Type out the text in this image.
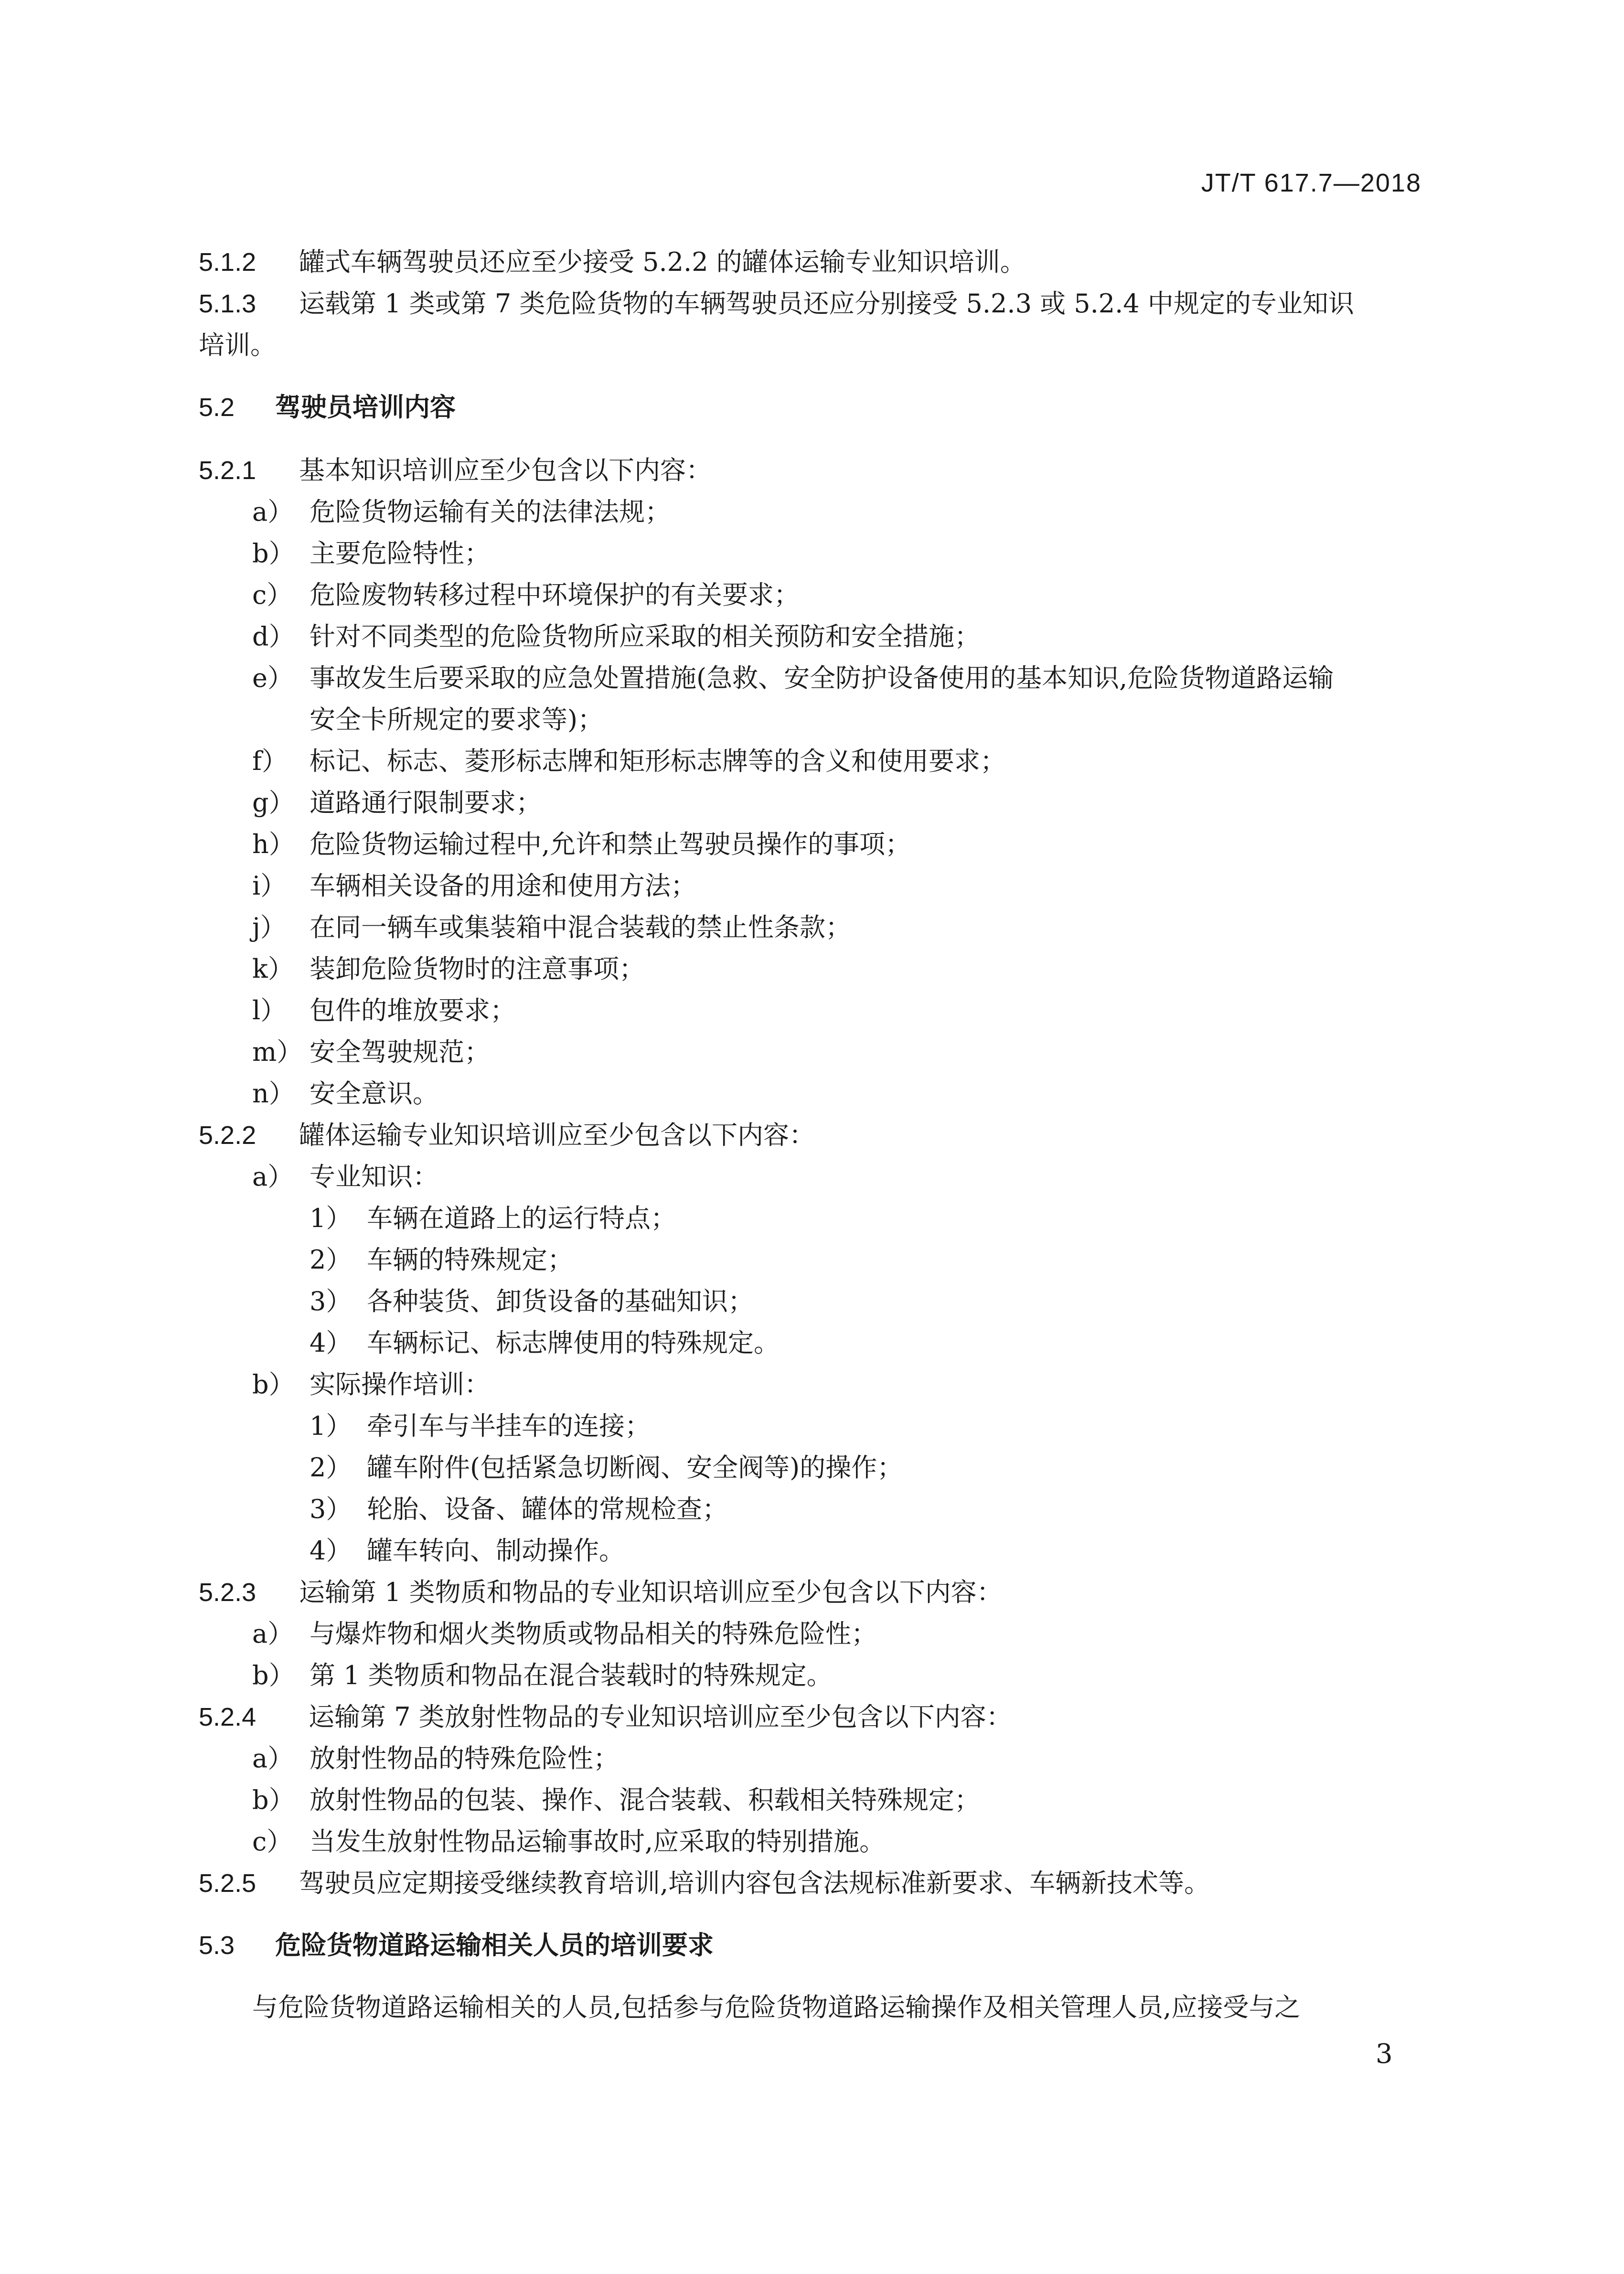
JT/T 617.7—2018
5.1.2 罐式车辆驾驶员还应至少接受 5.2.2 的罐体运输专业知识培训。
5.1.3 运载第 1 类或第 7 类危险货物的车辆驾驶员还应分别接受 5.2.3 或 5.2.4 中规定的专业知识
培训。
5.2 驾驶员培训内容
5.2.1 基本知识培训应至少包含以下内容：
a） 危险货物运输有关的法律法规；
b） 主要危险特性；
c） 危险废物转移过程中环境保护的有关要求；
d） 针对不同类型的危险货物所应采取的相关预防和安全措施；
e） 事故发生后要采取的应急处置措施(急救、安全防护设备使用的基本知识,危险货物道路运输
安全卡所规定的要求等)；
f） 标记、标志、菱形标志牌和矩形标志牌等的含义和使用要求；
g） 道路通行限制要求；
h） 危险货物运输过程中,允许和禁止驾驶员操作的事项；
i） 车辆相关设备的用途和使用方法；
j） 在同一辆车或集装箱中混合装载的禁止性条款；
k） 装卸危险货物时的注意事项；
l） 包件的堆放要求；
m） 安全驾驶规范；
n） 安全意识。
5.2.2 罐体运输专业知识培训应至少包含以下内容：
a） 专业知识：
1） 车辆在道路上的运行特点；
2） 车辆的特殊规定；
3） 各种装货、卸货设备的基础知识；
4） 车辆标记、标志牌使用的特殊规定。
b） 实际操作培训：
1） 牵引车与半挂车的连接；
2） 罐车附件(包括紧急切断阀、安全阀等)的操作；
3） 轮胎、设备、罐体的常规检查；
4） 罐车转向、制动操作。
5.2.3 运输第 1 类物质和物品的专业知识培训应至少包含以下内容：
a） 与爆炸物和烟火类物质或物品相关的特殊危险性；
b） 第 1 类物质和物品在混合装载时的特殊规定。
5.2.4 运输第 7 类放射性物品的专业知识培训应至少包含以下内容：
a） 放射性物品的特殊危险性；
b） 放射性物品的包装、操作、混合装载、积载相关特殊规定；
c） 当发生放射性物品运输事故时,应采取的特别措施。
5.2.5 驾驶员应定期接受继续教育培训,培训内容包含法规标准新要求、车辆新技术等。
5.3 危险货物道路运输相关人员的培训要求
与危险货物道路运输相关的人员,包括参与危险货物道路运输操作及相关管理人员,应接受与之
3
